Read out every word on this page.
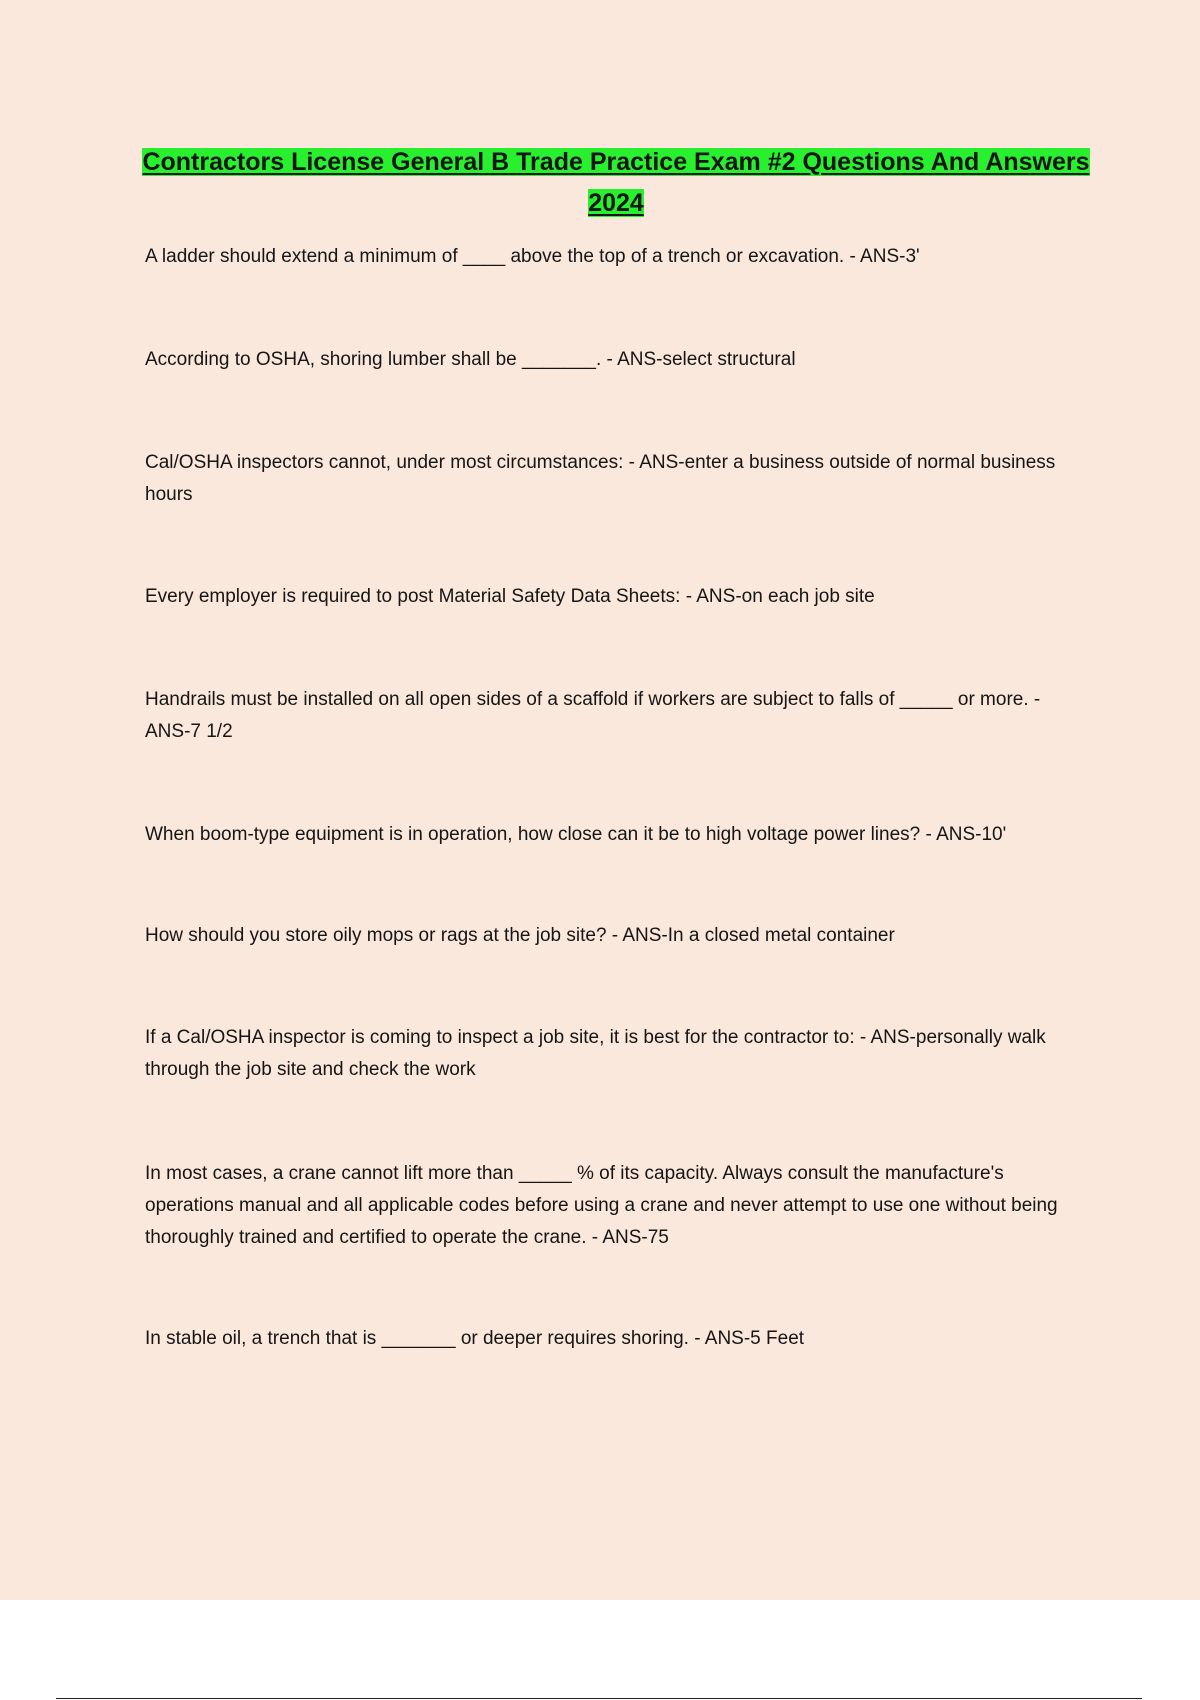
Contractors License General B Trade Practice Exam #2 Questions And Answers 2024
A ladder should extend a minimum of ____ above the top of a trench or excavation. - ANS-3'
According to OSHA, shoring lumber shall be _______. - ANS-select structural
Cal/OSHA inspectors cannot, under most circumstances: - ANS-enter a business outside of normal business hours
Every employer is required to post Material Safety Data Sheets: - ANS-on each job site
Handrails must be installed on all open sides of a scaffold if workers are subject to falls of _____ or more. - ANS-7 1/2
When boom-type equipment is in operation, how close can it be to high voltage power lines? - ANS-10'
How should you store oily mops or rags at the job site? - ANS-In a closed metal container
If a Cal/OSHA inspector is coming to inspect a job site, it is best for the contractor to: - ANS-personally walk through the job site and check the work
In most cases, a crane cannot lift more than _____ % of its capacity. Always consult the manufacture's operations manual and all applicable codes before using a crane and never attempt to use one without being thoroughly trained and certified to operate the crane. - ANS-75
In stable oil, a trench that is _______ or deeper requires shoring. - ANS-5 Feet
